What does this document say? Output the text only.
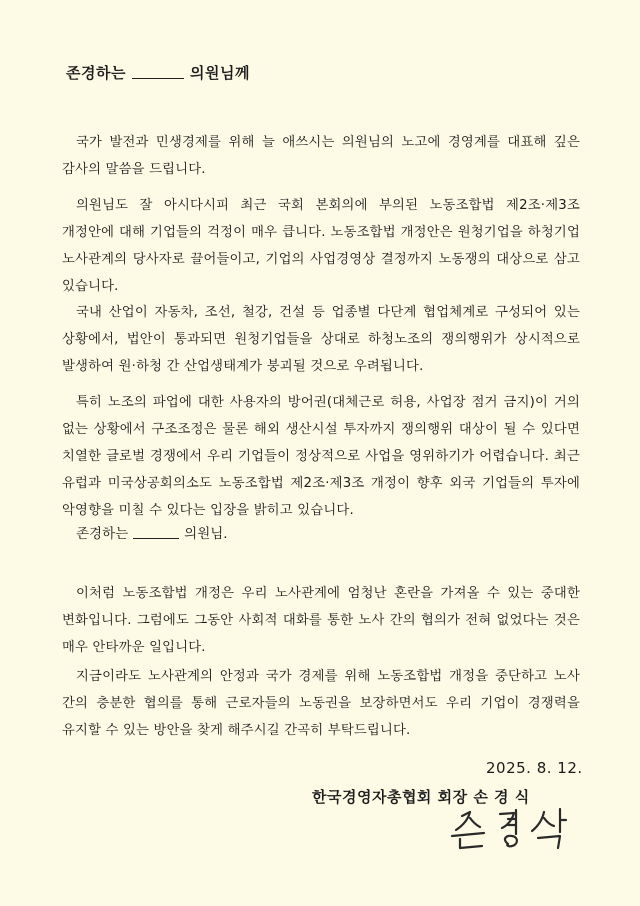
존경하는	의원님께

국가 발전과 민생경제를 위해 늘 애쓰시는 의원님의 노고에 경영계를 대표해 깊은 감사의 말씀을 드립니다.

의원님도 잘 아시다시피 최근 국회 본회의에 부의된 노동조합법 제2조·제3조 개정안에 대해 기업들의 걱정이 매우 큽니다. 노동조합법 개정안은 원청기업을 하청기업 노사관계의 당사자로 끌어들이고, 기업의 사업경영상 결정까지 노동쟁의 대상으로 삼고 있습니다.

국내 산업이 자동차, 조선, 철강, 건설 등 업종별 다단계 협업체계로 구성되어 있는 상황에서, 법안이 통과되면 원청기업들을 상대로 하청노조의 쟁의행위가 상시적으로 발생하여 원·하청 간 산업생태계가 붕괴될 것으로 우려됩니다.

특히 노조의 파업에 대한 사용자의 방어권(대체근로 허용, 사업장 점거 금지)이 거의 없는 상황에서 구조조정은 물론 해외 생산시설 투자까지 쟁의행위 대상이 될 수 있다면 치열한 글로벌 경쟁에서 우리 기업들이 정상적으로 사업을 영위하기가 어렵습니다. 최근 유럽과 미국상공회의소도 노동조합법 제2조·제3조 개정이 향후 외국 기업들의 투자에 악영향을 미칠 수 있다는 입장을 밝히고 있습니다.

존경하는	의원님.

이처럼 노동조합법 개정은 우리 노사관계에 엄청난 혼란을 가져올 수 있는 중대한 변화입니다. 그럼에도 그동안 사회적 대화를 통한 노사 간의 협의가 전혀 없었다는 것은 매우 안타까운 일입니다.

지금이라도 노사관계의 안정과 국가 경제를 위해 노동조합법 개정을 중단하고 노사 간의 충분한 협의를 통해 근로자들의 노동권을 보장하면서도 우리 기업이 경쟁력을 유지할 수 있는 방안을 찾게 해주시길 간곡히 부탁드립니다.

2025. 8. 12.
한국경영자총협회 회장 손 경 식
